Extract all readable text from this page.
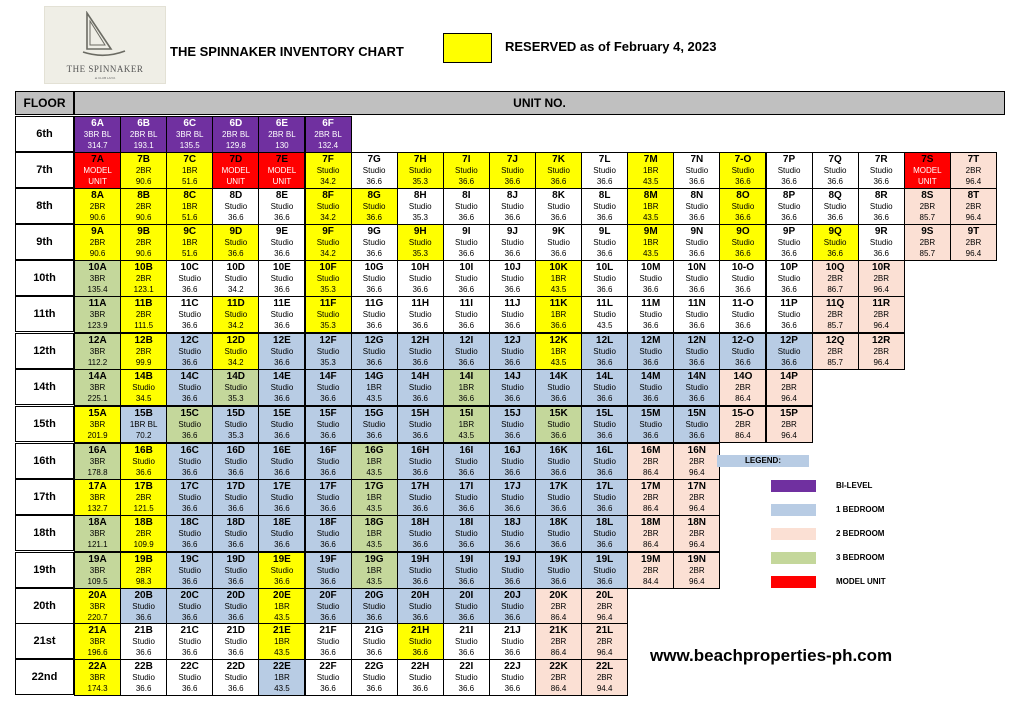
THE SPINNAKER
at CLUB LAIYA
THE SPINNAKER INVENTORY CHART	RESERVED as of February 4, 2023
FLOOR	UNIT NO.
6th
6A
3BR BL
314.7
6B
2BR BL
193.1
6C
3BR BL
135.5
6D
2BR BL
129.8
6E
2BR BL
130
6F
2BR BL
132.4
7th
7A
MODEL
UNIT
7B
2BR
90.6
7C
1BR
51.6
7D
MODEL
UNIT
7E
MODEL
UNIT
7F
Studio
34.2
7G
Studio
36.6
7H
Studio
35.3
7I
Studio
36.6
7J
Studio
36.6
7K
Studio
36.6
7L
Studio
36.6
7M
1BR
43.5
7N
Studio
36.6
7-O
Studio
36.6
7P
Studio
36.6
7Q
Studio
36.6
7R
Studio
36.6
7S
MODEL
UNIT
7T
2BR
96.4
8th
8A
2BR
90.6
8B
2BR
90.6
8C
1BR
51.6
8D
Studio
36.6
8E
Studio
36.6
8F
Studio
34.2
8G
Studio
36.6
8H
Studio
35.3
8I
Studio
36.6
8J
Studio
36.6
8K
Studio
36.6
8L
Studio
36.6
8M
1BR
43.5
8N
Studio
36.6
8O
Studio
36.6
8P
Studio
36.6
8Q
Studio
36.6
8R
Studio
36.6
8S
2BR
85.7
8T
2BR
96.4
9th
9A
2BR
90.6
9B
2BR
90.6
9C
1BR
51.6
9D
Studio
36.6
9E
Studio
36.6
9F
Studio
34.2
9G
Studio
36.6
9H
Studio
35.3
9I
Studio
36.6
9J
Studio
36.6
9K
Studio
36.6
9L
Studio
36.6
9M
1BR
43.5
9N
Studio
36.6
9O
Studio
36.6
9P
Studio
36.6
9Q
Studio
36.6
9R
Studio
36.6
9S
2BR
85.7
9T
2BR
96.4
10th
10A
3BR
135.4
10B
2BR
123.1
10C
Studio
36.6
10D
Studio
34.2
10E
Studio
36.6
10F
Studio
35.3
10G
Studio
36.6
10H
Studio
36.6
10I
Studio
36.6
10J
Studio
36.6
10K
1BR
43.5
10L
Studio
36.6
10M
Studio
36.6
10N
Studio
36.6
10-O
Studio
36.6
10P
Studio
36.6
10Q
2BR
86.7
10R
2BR
96.4
11th
11A
3BR
123.9
11B
2BR
111.5
11C
Studio
36.6
11D
Studio
34.2
11E
Studio
36.6
11F
Studio
35.3
11G
Studio
36.6
11H
Studio
36.6
11I
Studio
36.6
11J
Studio
36.6
11K
1BR
36.6
11L
Studio
43.5
11M
Studio
36.6
11N
Studio
36.6
11-O
Studio
36.6
11P
Studio
36.6
11Q
2BR
85.7
11R
2BR
96.4
12th
12A
3BR
112.2
12B
2BR
99.9
12C
Studio
36.6
12D
Studio
34.2
12E
Studio
36.6
12F
Studio
35.3
12G
Studio
36.6
12H
Studio
36.6
12I
Studio
36.6
12J
Studio
36.6
12K
1BR
43.5
12L
Studio
36.6
12M
Studio
36.6
12N
Studio
36.6
12-O
Studio
36.6
12P
Studio
36.6
12Q
2BR
85.7
12R
2BR
96.4
14th
14A
3BR
225.1
14B
Studio
34.5
14C
Studio
36.6
14D
Studio
35.3
14E
Studio
36.6
14F
Studio
36.6
14G
1BR
43.5
14H
Studio
36.6
14I
1BR
36.6
14J
Studio
36.6
14K
Studio
36.6
14L
Studio
36.6
14M
Studio
36.6
14N
Studio
36.6
14O
2BR
86.4
14P
2BR
96.4
15th
15A
3BR
201.9
15B
1BR BL
70.2
15C
Studio
36.6
15D
Studio
35.3
15E
Studio
36.6
15F
Studio
36.6
15G
Studio
36.6
15H
Studio
36.6
15I
1BR
43.5
15J
Studio
36.6
15K
Studio
36.6
15L
Studio
36.6
15M
Studio
36.6
15N
Studio
36.6
15-O
2BR
86.4
15P
2BR
96.4
16th
16A
3BR
178.8
16B
Studio
36.6
16C
Studio
36.6
16D
Studio
36.6
16E
Studio
36.6
16F
Studio
36.6
16G
1BR
43.5
16H
Studio
36.6
16I
Studio
36.6
16J
Studio
36.6
16K
Studio
36.6
16L
Studio
36.6
16M
2BR
86.4
16N
2BR
96.4
17th
17A
3BR
132.7
17B
2BR
121.5
17C
Studio
36.6
17D
Studio
36.6
17E
Studio
36.6
17F
Studio
36.6
17G
1BR
43.5
17H
Studio
36.6
17I
Studio
36.6
17J
Studio
36.6
17K
Studio
36.6
17L
Studio
36.6
17M
2BR
86.4
17N
2BR
96.4
18th
18A
3BR
121.1
18B
2BR
109.9
18C
Studio
36.6
18D
Studio
36.6
18E
Studio
36.6
18F
Studio
36.6
18G
1BR
43.5
18H
Studio
36.6
18I
Studio
36.6
18J
Studio
36.6
18K
Studio
36.6
18L
Studio
36.6
18M
2BR
86.4
18N
2BR
96.4
19th
19A
3BR
109.5
19B
2BR
98.3
19C
Studio
36.6
19D
Studio
36.6
19E
Studio
36.6
19F
Studio
36.6
19G
1BR
43.5
19H
Studio
36.6
19I
Studio
36.6
19J
Studio
36.6
19K
Studio
36.6
19L
Studio
36.6
19M
2BR
84.4
19N
2BR
96.4
20th
20A
3BR
220.7
20B
Studio
36.6
20C
Studio
36.6
20D
Studio
36.6
20E
1BR
43.5
20F
Studio
36.6
20G
Studio
36.6
20H
Studio
36.6
20I
Studio
36.6
20J
Studio
36.6
20K
2BR
86.4
20L
2BR
96.4
21st
21A
3BR
196.6
21B
Studio
36.6
21C
Studio
36.6
21D
Studio
36.6
21E
1BR
43.5
21F
Studio
36.6
21G
Studio
36.6
21H
Studio
36.6
21I
Studio
36.6
21J
Studio
36.6
21K
2BR
86.4
21L
2BR
96.4
22nd
22A
3BR
174.3
22B
Studio
36.6
22C
Studio
36.6
22D
Studio
36.6
22E
1BR
43.5
22F
Studio
36.6
22G
Studio
36.6
22H
Studio
36.6
22I
Studio
36.6
22J
Studio
36.6
22K
2BR
86.4
22L
2BR
94.4
LEGEND:
BI-LEVEL
1 BEDROOM
2 BEDROOM
3 BEDROOM
MODEL UNIT
www.beachproperties-ph.com
